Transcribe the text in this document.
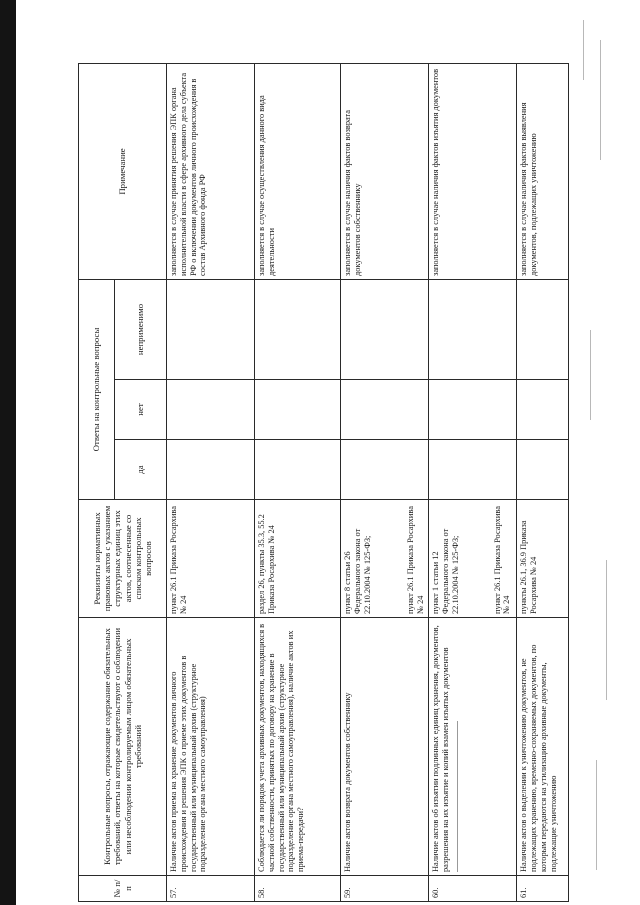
№ п/п	Контрольные вопросы, отражающие содержание обязательных требований, ответы на которые свидетельствуют о соблюдении или несоблюдении контролируемым лицом обязательных требований	Реквизиты нормативных правовых актов с указанием структурных единиц этих актов, соотнесенные со списком контрольных вопросов	Ответы на контрольные вопросы			Примечание
			да	нет	неприменимо	
57.	Наличие актов приема на хранение документов личного происхождения и решения ЭПК о приеме этих документов в государственный или муниципальный архив (структурное подразделение органа местного самоуправления)	пункт 26.1 Приказа Росархива № 24				заполняется в случае принятия решения ЭПК органа исполнительной власти в сфере архивного дела субъекта РФ о включении документов личного происхождения в состав Архивного фонда РФ
58.	Соблюдается ли порядок учета архивных документов, находящихся в частной собственности, принятых по договору на хранение в государственный или муниципальный архив (структурное подразделение органа местного самоуправления), наличие актов их приема-передачи?	раздел 26, пункты 35.3, 55.2 Приказа Росархива № 24				заполняется в случае осуществления данного вида деятельности
59.	Наличие актов возврата документов собственнику	пункт 8 статьи 26 Федерального закона от 22.10.2004 № 125-ФЗ; пункт 26.1 Приказа Росархива № 24				заполняется в случае наличия фактов возврата документов собственнику
60.	Наличие актов об изъятии подлинных единиц хранения, документов, разрешения на их изъятие и копий взамен изъятых документов	пункт 1 статьи 12 Федерального закона от 22.10.2004 № 125-ФЗ; пункт 26.1 Приказа Росархива № 24				заполняется в случае наличия фактов изъятия документов
61.	Наличие актов о выделении к уничтожению документов, не подлежащих хранению, временно-сохраняемых документов, по которым передаются на утилизацию архивные документы, подлежащие уничтожению	пункты 26.1, 36.9 Приказа Росархива № 24				заполняется в случае наличия фактов выявления документов, подлежащих уничтожению
